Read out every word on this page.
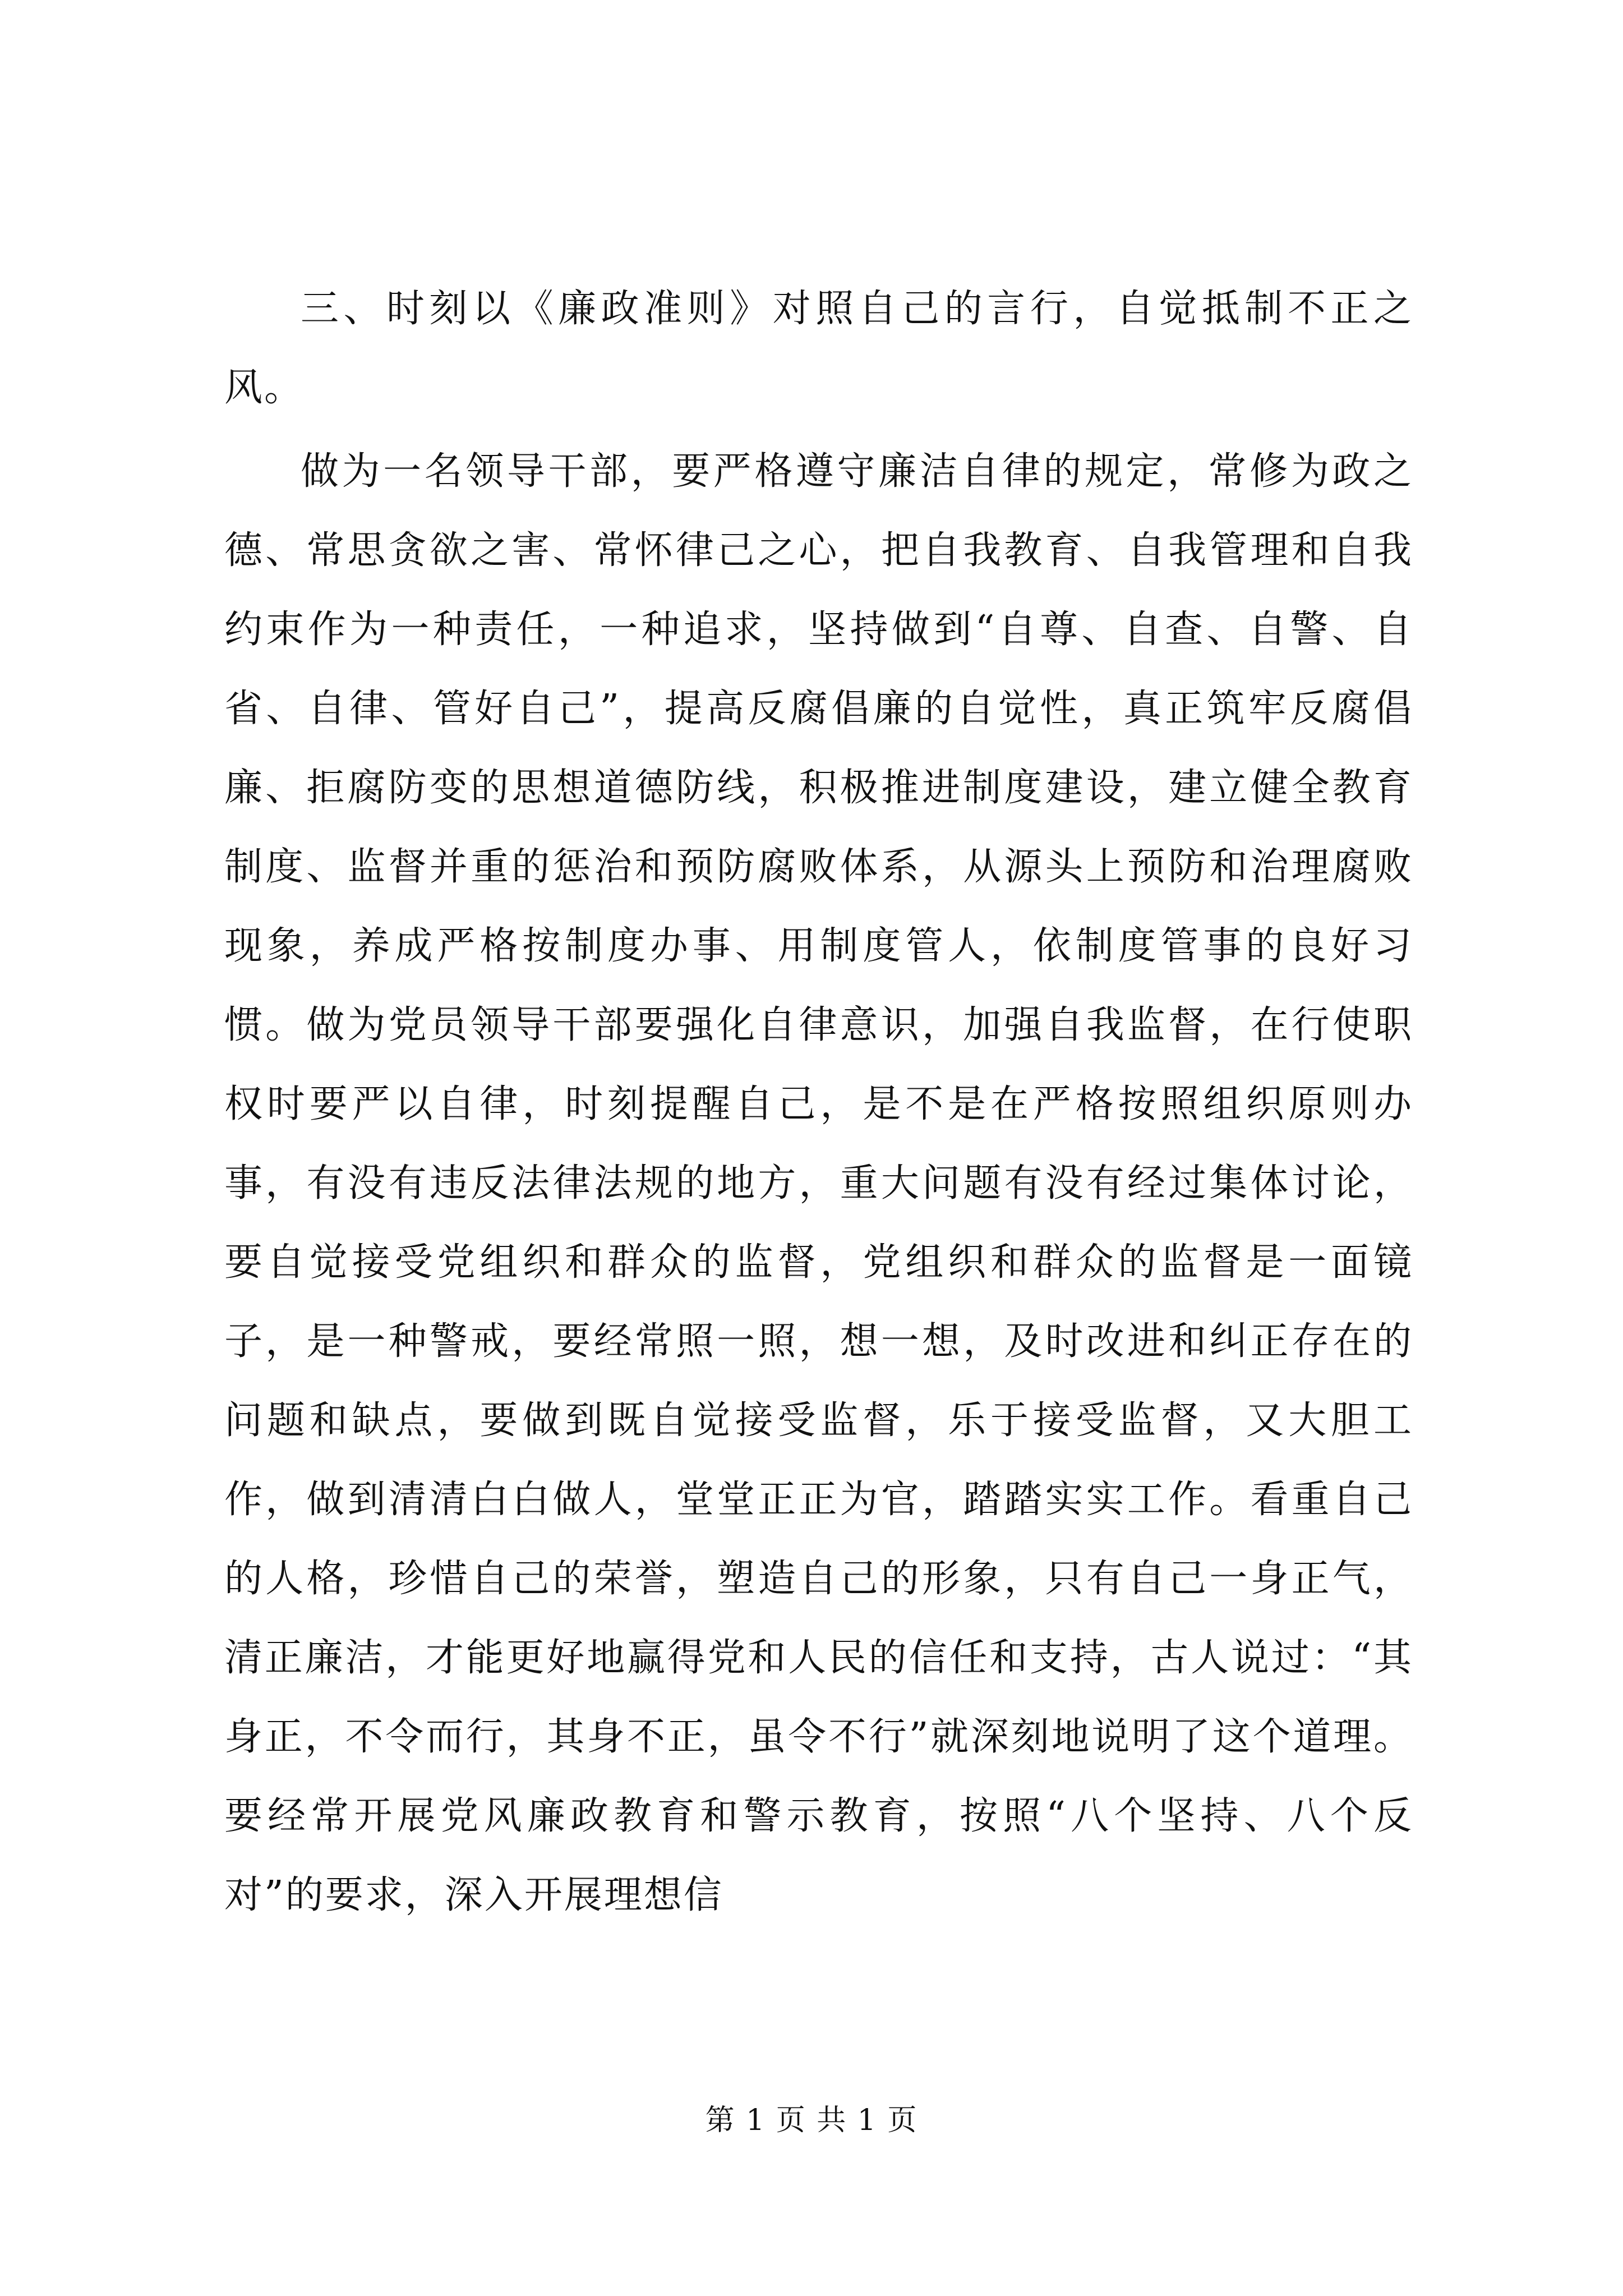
三、时刻以《廉政准则》对照自己的言行，自觉抵制不正之风。

做为一名领导干部，要严格遵守廉洁自律的规定，常修为政之德、常思贪欲之害、常怀律己之心，把自我教育、自我管理和自我约束作为一种责任，一种追求，坚持做到“自尊、自查、自警、自省、自律、管好自己”，提高反腐倡廉的自觉性，真正筑牢反腐倡廉、拒腐防变的思想道德防线，积极推进制度建设，建立健全教育制度、监督并重的惩治和预防腐败体系，从源头上预防和治理腐败现象，养成严格按制度办事、用制度管人，依制度管事的良好习惯。做为党员领导干部要强化自律意识，加强自我监督，在行使职权时要严以自律，时刻提醒自己，是不是在严格按照组织原则办事，有没有违反法律法规的地方，重大问题有没有经过集体讨论，要自觉接受党组织和群众的监督，党组织和群众的监督是一面镜子，是一种警戒，要经常照一照，想一想，及时改进和纠正存在的问题和缺点，要做到既自觉接受监督，乐于接受监督，又大胆工作，做到清清白白做人，堂堂正正为官，踏踏实实工作。看重自己的人格，珍惜自己的荣誉，塑造自己的形象，只有自己一身正气，清正廉洁，才能更好地赢得党和人民的信任和支持，古人说过：“其身正，不令而行，其身不正，虽令不行”就深刻地说明了这个道理。要经常开展党风廉政教育和警示教育，按照“八个坚持、八个反对”的要求，深入开展理想信

第 1 页 共 1 页
